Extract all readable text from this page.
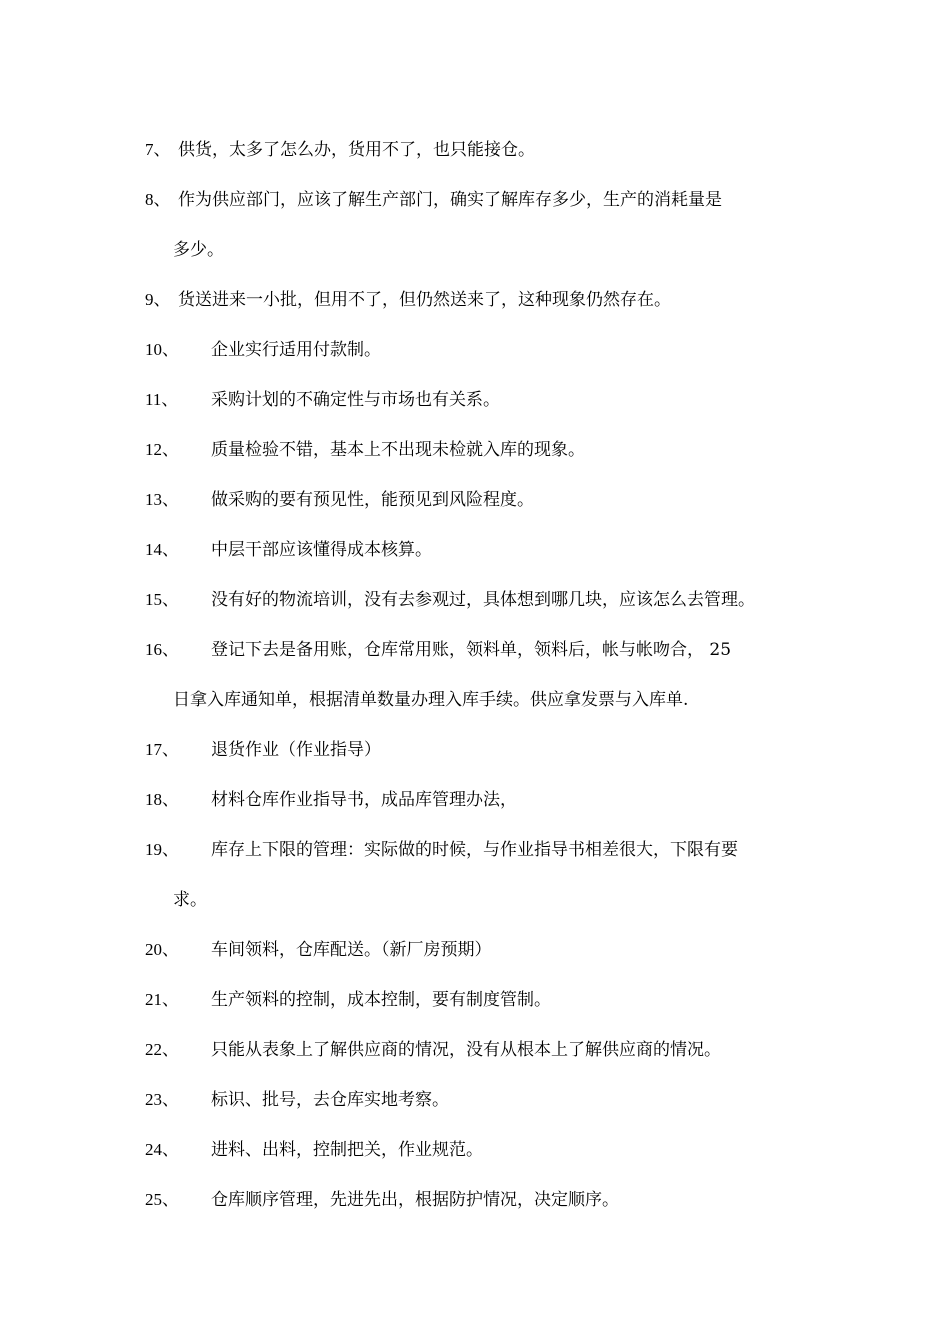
7、 供货，太多了怎么办，货用不了，也只能接仓。
8、 作为供应部门，应该了解生产部门，确实了解库存多少，生产的消耗量是
多少。
9、 货送进来一小批，但用不了，但仍然送来了，这种现象仍然存在。
10、 企业实行适用付款制。
11、 采购计划的不确定性与市场也有关系。
12、 质量检验不错，基本上不出现未检就入库的现象。
13、 做采购的要有预见性，能预见到风险程度。
14、 中层干部应该懂得成本核算。
15、 没有好的物流培训，没有去参观过，具体想到哪几块，应该怎么去管理。
16、 登记下去是备用账，仓库常用账，领料单，领料后，帐与帐吻合， 25
日拿入库通知单，根据清单数量办理入库手续。供应拿发票与入库单.
17、 退货作业（作业指导）
18、 材料仓库作业指导书，成品库管理办法，
19、 库存上下限的管理：实际做的时候，与作业指导书相差很大，下限有要
求。
20、 车间领料，仓库配送。（新厂房预期）
21、 生产领料的控制，成本控制，要有制度管制。
22、 只能从表象上了解供应商的情况，没有从根本上了解供应商的情况。
23、 标识、批号，去仓库实地考察。
24、 进料、出料，控制把关，作业规范。
25、 仓库顺序管理，先进先出，根据防护情况，决定顺序。
